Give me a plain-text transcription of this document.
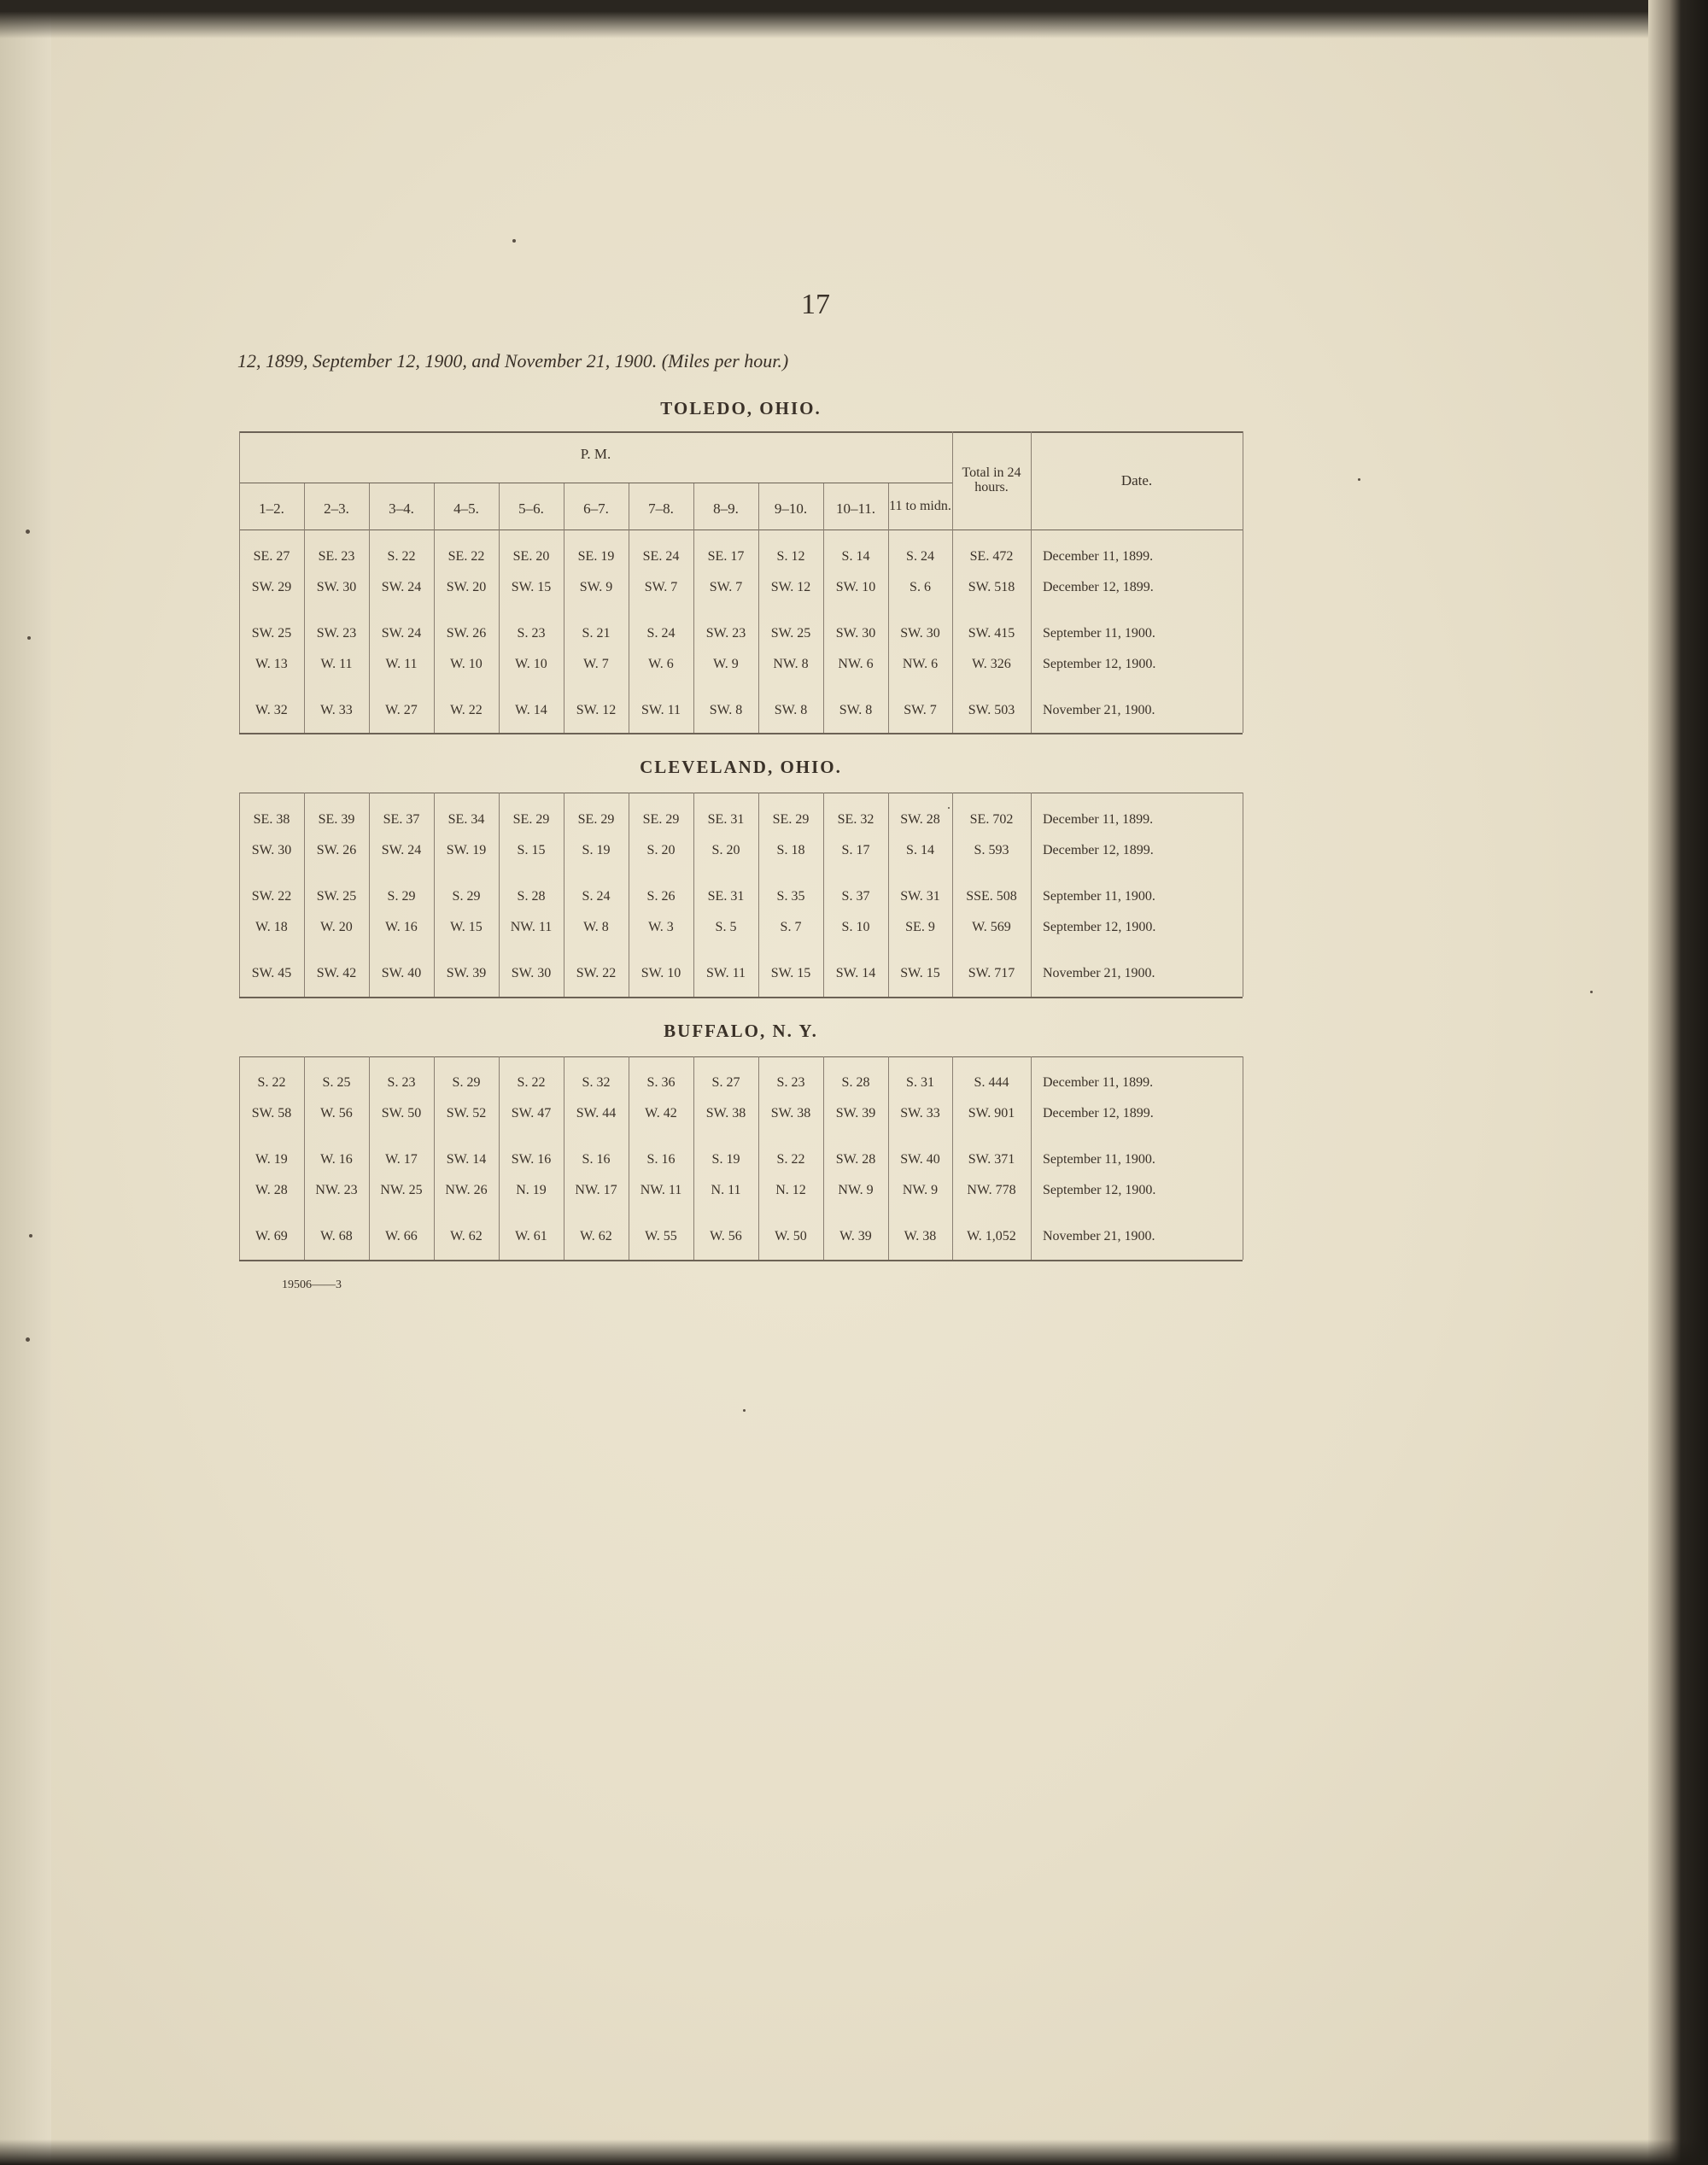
17
12, 1899, September 12, 1900, and November 21, 1900. (Miles per hour.)
TOLEDO, OHIO.
CLEVELAND, OHIO.
BUFFALO, N. Y.
P. M.
Total in 24 hours.	Date.
19506——3
1–2.	2–3.	3–4.	4–5.	5–6.	6–7.	7–8.	8–9.	9–10.	10–11.	11 to midn.
SE. 27	SE. 23	S. 22	SE. 22	SE. 20	SE. 19	SE. 24	SE. 17	S. 12	S. 14	S. 24	SE. 472	December 11, 1899.
SW. 29	SW. 30	SW. 24	SW. 20	SW. 15	SW. 9	SW. 7	SW. 7	SW. 12	SW. 10	S. 6	SW. 518	December 12, 1899.
SW. 25	SW. 23	SW. 24	SW. 26	S. 23	S. 21	S. 24	SW. 23	SW. 25	SW. 30	SW. 30	SW. 415	September 11, 1900.
W. 13	W. 11	W. 11	W. 10	W. 10	W. 7	W. 6	W. 9	NW. 8	NW. 6	NW. 6	W. 326	September 12, 1900.
W. 32	W. 33	W. 27	W. 22	W. 14	SW. 12	SW. 11	SW. 8	SW. 8	SW. 8	SW. 7	SW. 503	November 21, 1900.
SE. 38	SE. 39	SE. 37	SE. 34	SE. 29	SE. 29	SE. 29	SE. 31	SE. 29	SE. 32	SW. 28	SE. 702	December 11, 1899.
SW. 30	SW. 26	SW. 24	SW. 19	S. 15	S. 19	S. 20	S. 20	S. 18	S. 17	S. 14	S. 593	December 12, 1899.
SW. 22	SW. 25	S. 29	S. 29	S. 28	S. 24	S. 26	SE. 31	S. 35	S. 37	SW. 31	SSE. 508	September 11, 1900.
W. 18	W. 20	W. 16	W. 15	NW. 11	W. 8	W. 3	S. 5	S. 7	S. 10	SE. 9	W. 569	September 12, 1900.
SW. 45	SW. 42	SW. 40	SW. 39	SW. 30	SW. 22	SW. 10	SW. 11	SW. 15	SW. 14	SW. 15	SW. 717	November 21, 1900.
S. 22	S. 25	S. 23	S. 29	S. 22	S. 32	S. 36	S. 27	S. 23	S. 28	S. 31	S. 444	December 11, 1899.
SW. 58	W. 56	SW. 50	SW. 52	SW. 47	SW. 44	W. 42	SW. 38	SW. 38	SW. 39	SW. 33	SW. 901	December 12, 1899.
W. 19	W. 16	W. 17	SW. 14	SW. 16	S. 16	S. 16	S. 19	S. 22	SW. 28	SW. 40	SW. 371	September 11, 1900.
W. 28	NW. 23	NW. 25	NW. 26	N. 19	NW. 17	NW. 11	N. 11	N. 12	NW. 9	NW. 9	NW. 778	September 12, 1900.
W. 69	W. 68	W. 66	W. 62	W. 61	W. 62	W. 55	W. 56	W. 50	W. 39	W. 38	W. 1,052	November 21, 1900.
